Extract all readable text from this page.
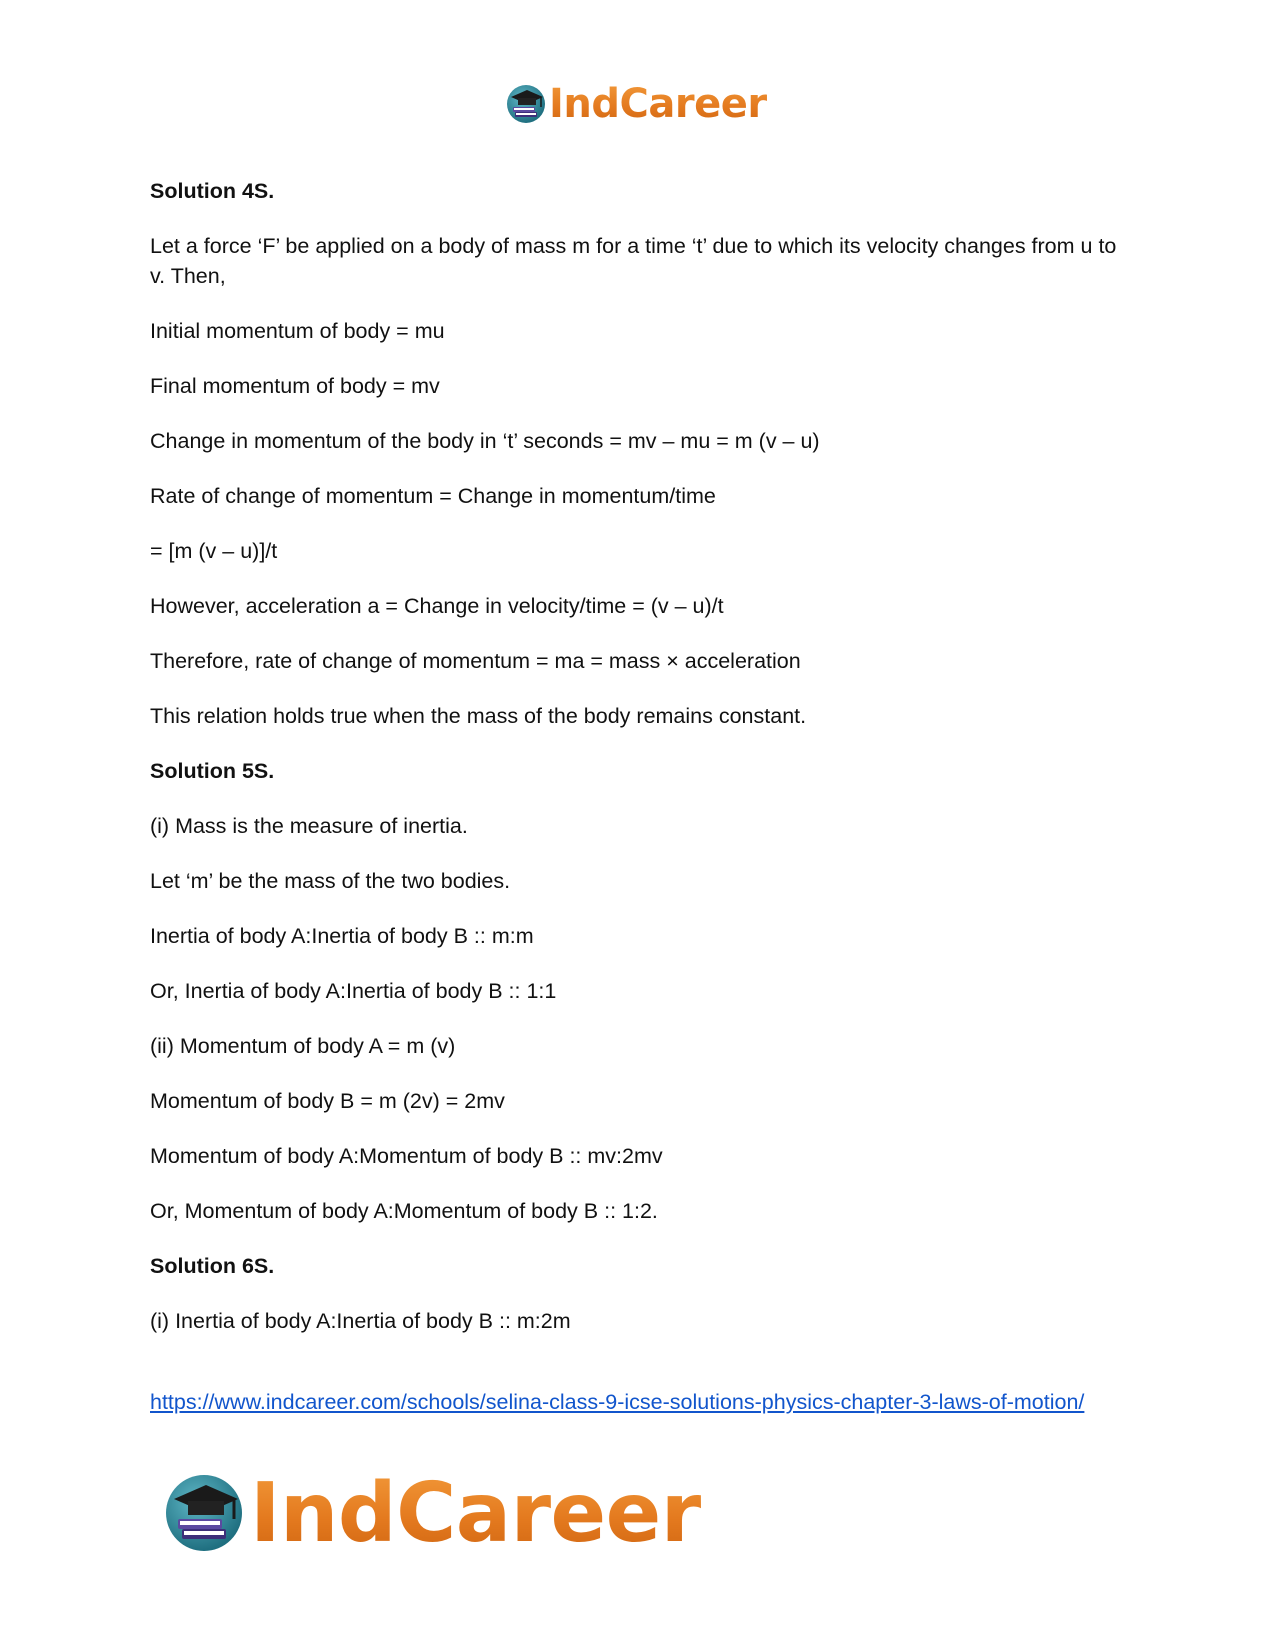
IndCareer

Solution 4S.

Let a force ‘F’ be applied on a body of mass m for a time ‘t’ due to which its velocity changes from u to v. Then,

Initial momentum of body = mu

Final momentum of body = mv

Change in momentum of the body in ‘t’ seconds = mv – mu = m (v – u)

Rate of change of momentum = Change in momentum/time

= [m (v – u)]/t

However, acceleration a = Change in velocity/time = (v – u)/t

Therefore, rate of change of momentum = ma = mass × acceleration

This relation holds true when the mass of the body remains constant.

Solution 5S.

(i) Mass is the measure of inertia.

Let ‘m’ be the mass of the two bodies.

Inertia of body A:Inertia of body B :: m:m

Or, Inertia of body A:Inertia of body B :: 1:1

(ii) Momentum of body A = m (v)

Momentum of body B = m (2v) = 2mv

Momentum of body A:Momentum of body B :: mv:2mv

Or, Momentum of body A:Momentum of body B :: 1:2.

Solution 6S.

(i) Inertia of body A:Inertia of body B :: m:2m

https://www.indcareer.com/schools/selina-class-9-icse-solutions-physics-chapter-3-laws-of-motion/
IndCareer
